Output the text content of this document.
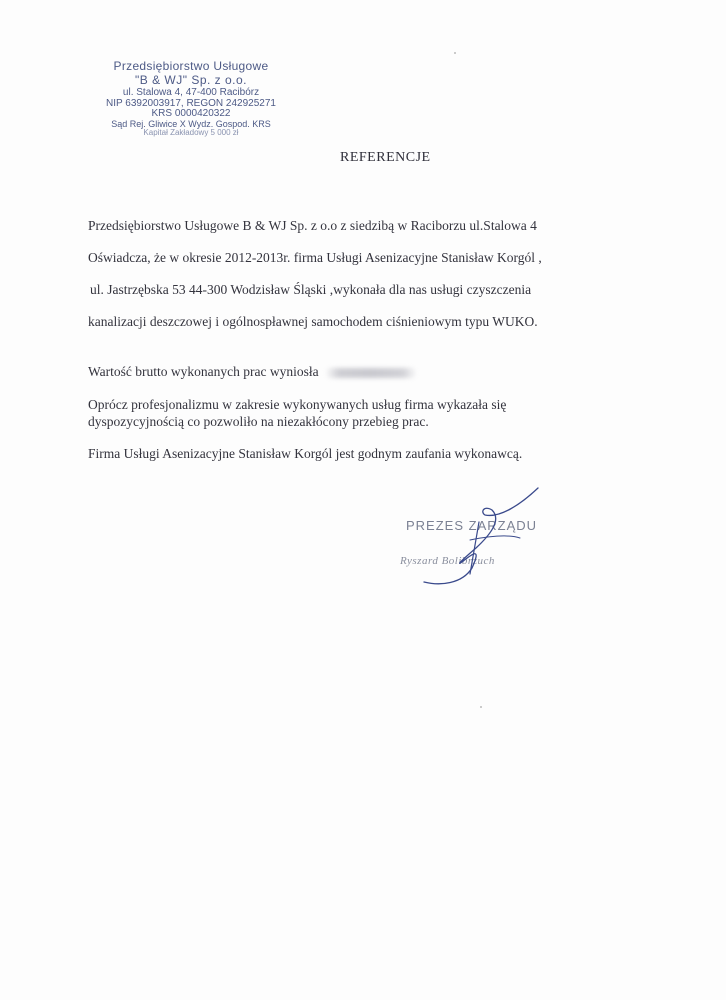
Przedsiębiorstwo Usługowe
"B & WJ" Sp. z o.o.
ul. Stalowa 4, 47-400 Racibórz
NIP 6392003917, REGON 242925271
KRS 0000420322
Sąd Rej. Gliwice X Wydz. Gospod. KRS
Kapitał Zakładowy 5 000 zł
REFERENCJE
Przedsiębiorstwo Usługowe B & WJ Sp. z o.o z siedzibą w Raciborzu ul.Stalowa 4
Oświadcza, że w okresie 2012-2013r. firma Usługi Asenizacyjne Stanisław Korgól ,
ul. Jastrzębska 53 44-300 Wodzisław Śląski ,wykonała dla nas usługi czyszczenia
kanalizacji deszczowej i ogólnospławnej samochodem ciśnieniowym typu WUKO.
Wartość brutto wykonanych prac wyniosła
Oprócz profesjonalizmu w zakresie wykonywanych usług firma wykazała się
dyspozycyjnością co pozwoliło na niezakłócony przebieg prac.
Firma Usługi Asenizacyjne Stanisław Korgól jest godnym zaufania wykonawcą.
PREZES ZARZĄDU
Ryszard Bolibrzuch
